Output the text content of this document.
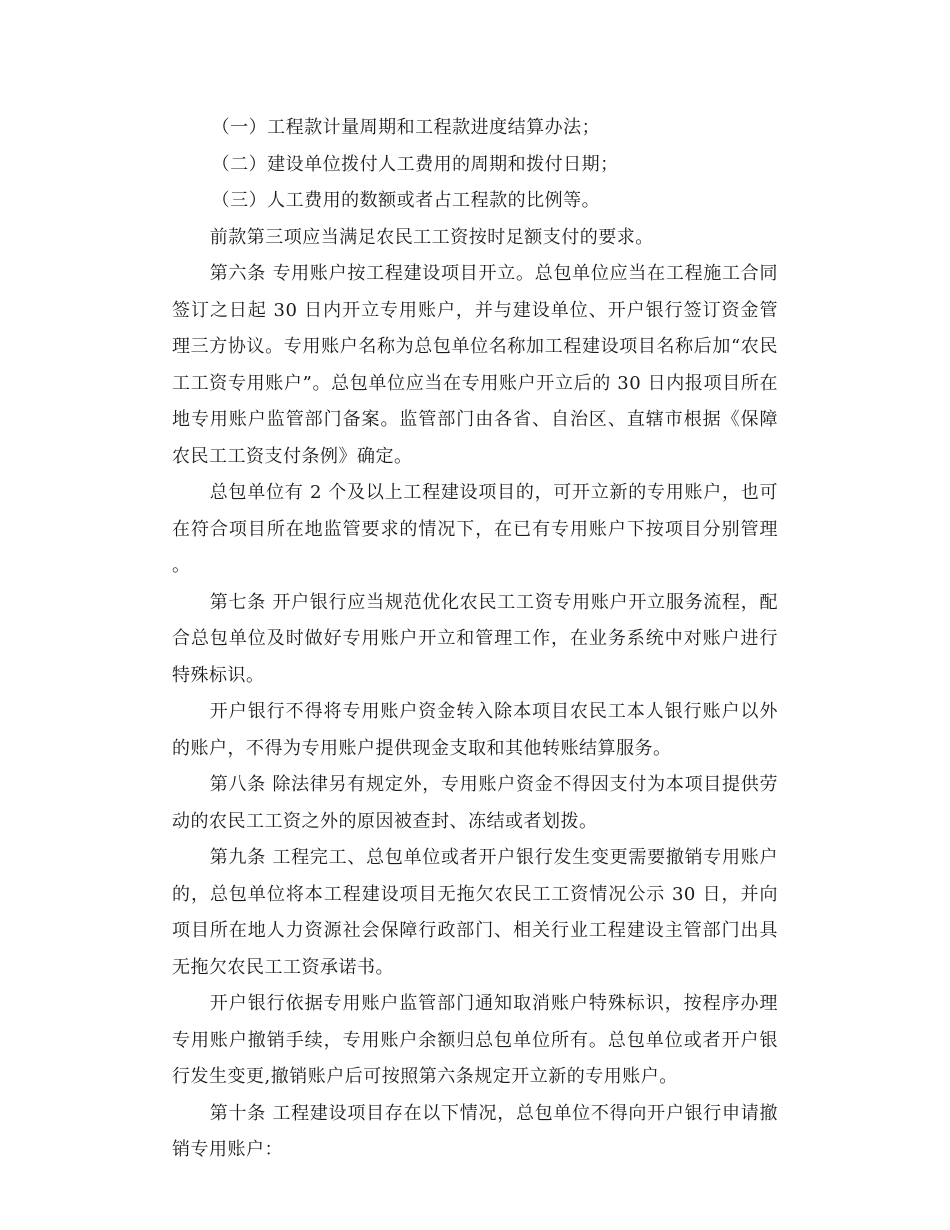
（一）工程款计量周期和工程款进度结算办法；

（二）建设单位拨付人工费用的周期和拨付日期；

（三）人工费用的数额或者占工程款的比例等。

前款第三项应当满足农民工工资按时足额支付的要求。

第六条 专用账户按工程建设项目开立。总包单位应当在工程施工合同签订之日起 30 日内开立专用账户，并与建设单位、开户银行签订资金管理三方协议。专用账户名称为总包单位名称加工程建设项目名称后加“农民工工资专用账户”。总包单位应当在专用账户开立后的 30 日内报项目所在地专用账户监管部门备案。监管部门由各省、自治区、直辖市根据《保障农民工工资支付条例》确定。

总包单位有 2 个及以上工程建设项目的，可开立新的专用账户，也可在符合项目所在地监管要求的情况下，在已有专用账户下按项目分别管理。

第七条 开户银行应当规范优化农民工工资专用账户开立服务流程，配合总包单位及时做好专用账户开立和管理工作，在业务系统中对账户进行特殊标识。

开户银行不得将专用账户资金转入除本项目农民工本人银行账户以外的账户，不得为专用账户提供现金支取和其他转账结算服务。

第八条 除法律另有规定外，专用账户资金不得因支付为本项目提供劳动的农民工工资之外的原因被查封、冻结或者划拨。

第九条 工程完工、总包单位或者开户银行发生变更需要撤销专用账户的，总包单位将本工程建设项目无拖欠农民工工资情况公示 30 日，并向项目所在地人力资源社会保障行政部门、相关行业工程建设主管部门出具无拖欠农民工工资承诺书。

开户银行依据专用账户监管部门通知取消账户特殊标识，按程序办理专用账户撤销手续，专用账户余额归总包单位所有。总包单位或者开户银行发生变更,撤销账户后可按照第六条规定开立新的专用账户。

第十条 工程建设项目存在以下情况，总包单位不得向开户银行申请撤销专用账户：
